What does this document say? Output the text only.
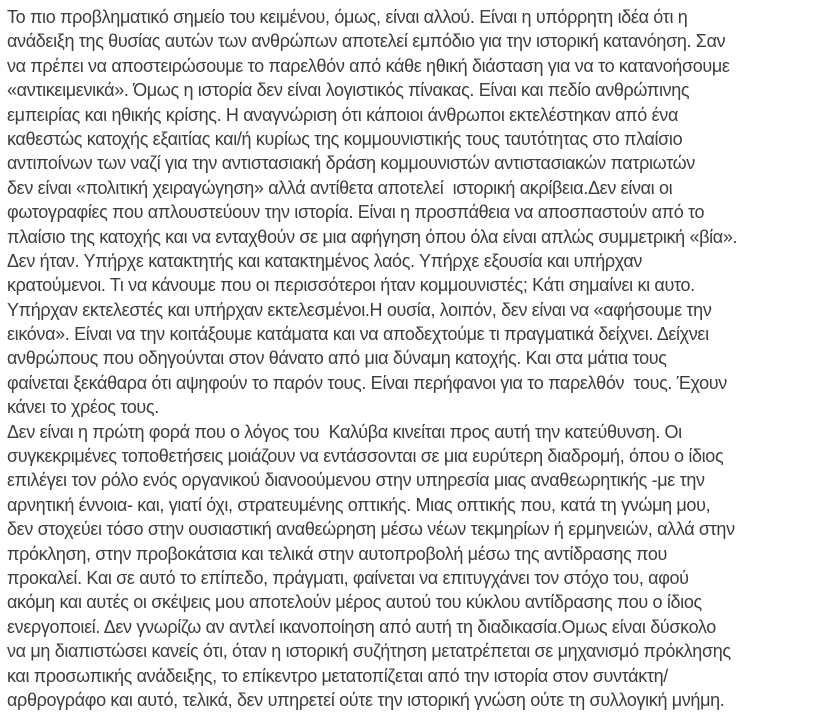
Το πιο προβληματικό σημείο του κειμένου, όμως, είναι αλλού. Είναι η υπόρρητη ιδέα ότι η
ανάδειξη της θυσίας αυτών των ανθρώπων αποτελεί εμπόδιο για την ιστορική κατανόηση. Σαν
να πρέπει να αποστειρώσουμε το παρελθόν από κάθε ηθική διάσταση για να το κατανοήσουμε
«αντικειμενικά». Όμως η ιστορία δεν είναι λογιστικός πίνακας. Είναι και πεδίο ανθρώπινης
εμπειρίας και ηθικής κρίσης. Η αναγνώριση ότι κάποιοι άνθρωποι εκτελέστηκαν από ένα
καθεστώς κατοχής εξαιτίας και/ή κυρίως της κομμουνιστικής τους ταυτότητας στο πλαίσιο
αντιποίνων των ναζί για την αντιστασιακή δράση κομμουνιστών αντιστασιακών πατριωτών
δεν είναι «πολιτική χειραγώγηση» αλλά αντίθετα αποτελεί  ιστορική ακρίβεια.Δεν είναι οι
φωτογραφίες που απλουστεύουν την ιστορία. Είναι η προσπάθεια να αποσπαστούν από το
πλαίσιο της κατοχής και να ενταχθούν σε μια αφήγηση όπου όλα είναι απλώς συμμετρική «βία».
Δεν ήταν. Υπήρχε κατακτητής και κατακτημένος λαός. Υπήρχε εξουσία και υπήρχαν
κρατούμενοι. Τι να κάνουμε που οι περισσότεροι ήταν κομμουνιστές; Κάτι σημαίνει κι αυτο.
Υπήρχαν εκτελεστές και υπήρχαν εκτελεσμένοι.Η ουσία, λοιπόν, δεν είναι να «αφήσουμε την
εικόνα». Είναι να την κοιτάξουμε κατάματα και να αποδεχτούμε τι πραγματικά δείχνει. Δείχνει
ανθρώπους που οδηγούνται στον θάνατο από μια δύναμη κατοχής. Και στα μάτια τους
φαίνεται ξεκάθαρα ότι αψηφούν το παρόν τους. Είναι περήφανοι για το παρελθόν  τους. Έχουν
κάνει το χρέος τους.
Δεν είναι η πρώτη φορά που ο λόγος του  Καλύβα κινείται προς αυτή την κατεύθυνση. Οι
συγκεκριμένες τοποθετήσεις μοιάζουν να εντάσσονται σε μια ευρύτερη διαδρομή, όπου ο ίδιος
επιλέγει τον ρόλο ενός οργανικού διανοούμενου στην υπηρεσία μιας αναθεωρητικής -με την
αρνητική έννοια- και, γιατί όχι, στρατευμένης οπτικής. Μιας οπτικής που, κατά τη γνώμη μου,
δεν στοχεύει τόσο στην ουσιαστική αναθεώρηση μέσω νέων τεκμηρίων ή ερμηνειών, αλλά στην
πρόκληση, στην προβοκάτσια και τελικά στην αυτοπροβολή μέσω της αντίδρασης που
προκαλεί. Και σε αυτό το επίπεδο, πράγματι, φαίνεται να επιτυγχάνει τον στόχο του, αφού
ακόμη και αυτές οι σκέψεις μου αποτελούν μέρος αυτού του κύκλου αντίδρασης που ο ίδιος
ενεργοποιεί. Δεν γνωρίζω αν αντλεί ικανοποίηση από αυτή τη διαδικασία.Ομως είναι δύσκολο
να μη διαπιστώσει κανείς ότι, όταν η ιστορική συζήτηση μετατρέπεται σε μηχανισμό πρόκλησης
και προσωπικής ανάδειξης, το επίκεντρο μετατοπίζεται από την ιστορία στον συντάκτη/
αρθρογράφο και αυτό, τελικά, δεν υπηρετεί ούτε την ιστορική γνώση ούτε τη συλλογική μνήμη.
